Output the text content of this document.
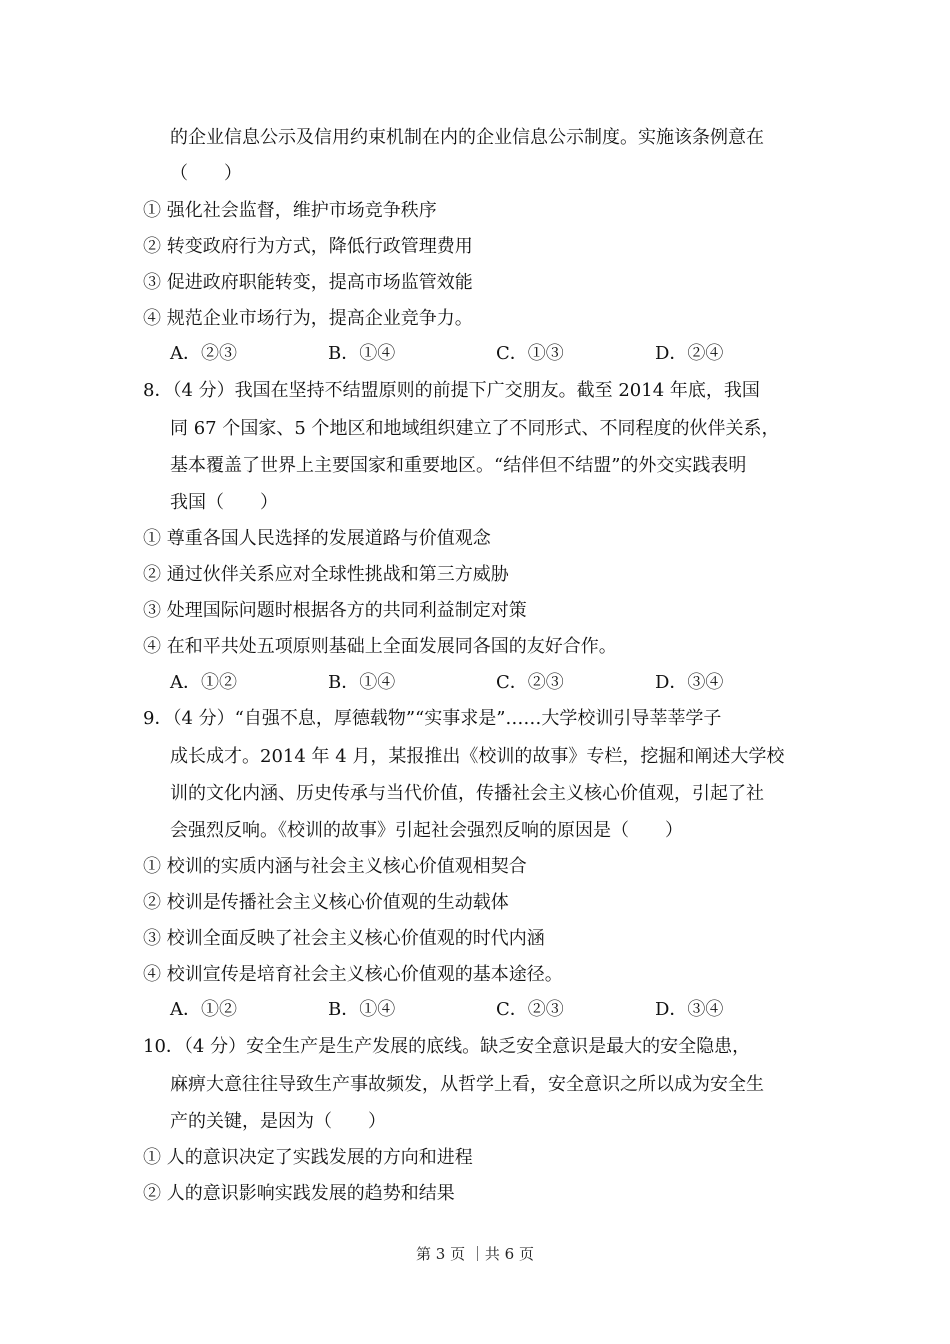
的企业信息公示及信用约束机制在内的企业信息公示制度。实施该条例意在
（　　）
① 强化社会监督，维护市场竞争秩序
② 转变政府行为方式，降低行政管理费用
③ 促进政府职能转变，提高市场监管效能
④ 规范企业市场行为，提高企业竞争力。
A．②③	B．①④	C．①③	D．②④
8．（4 分）我国在坚持不结盟原则的前提下广交朋友。截至 2014 年底，我国
同 67 个国家、5 个地区和地域组织建立了不同形式、不同程度的伙伴关系，
基本覆盖了世界上主要国家和重要地区。“结伴但不结盟”的外交实践表明
我国（　　）
① 尊重各国人民选择的发展道路与价值观念
② 通过伙伴关系应对全球性挑战和第三方威胁
③ 处理国际问题时根据各方的共同利益制定对策
④ 在和平共处五项原则基础上全面发展同各国的友好合作。
A．①②	B．①④	C．②③	D．③④
9．（4 分）“自强不息，厚德载物”“实事求是”……大学校训引导莘莘学子
成长成才。2014 年 4 月，某报推出《校训的故事》专栏，挖掘和阐述大学校
训的文化内涵、历史传承与当代价值，传播社会主义核心价值观，引起了社
会强烈反响。《校训的故事》引起社会强烈反响的原因是（　　）
① 校训的实质内涵与社会主义核心价值观相契合
② 校训是传播社会主义核心价值观的生动载体
③ 校训全面反映了社会主义核心价值观的时代内涵
④ 校训宣传是培育社会主义核心价值观的基本途径。
A．①②	B．①④	C．②③	D．③④
10．（4 分）安全生产是生产发展的底线。缺乏安全意识是最大的安全隐患，
麻痹大意往往导致生产事故频发，从哲学上看，安全意识之所以成为安全生
产的关键，是因为（　　）
① 人的意识决定了实践发展的方向和进程
② 人的意识影响实践发展的趋势和结果
第 3 页 ｜共 6 页
